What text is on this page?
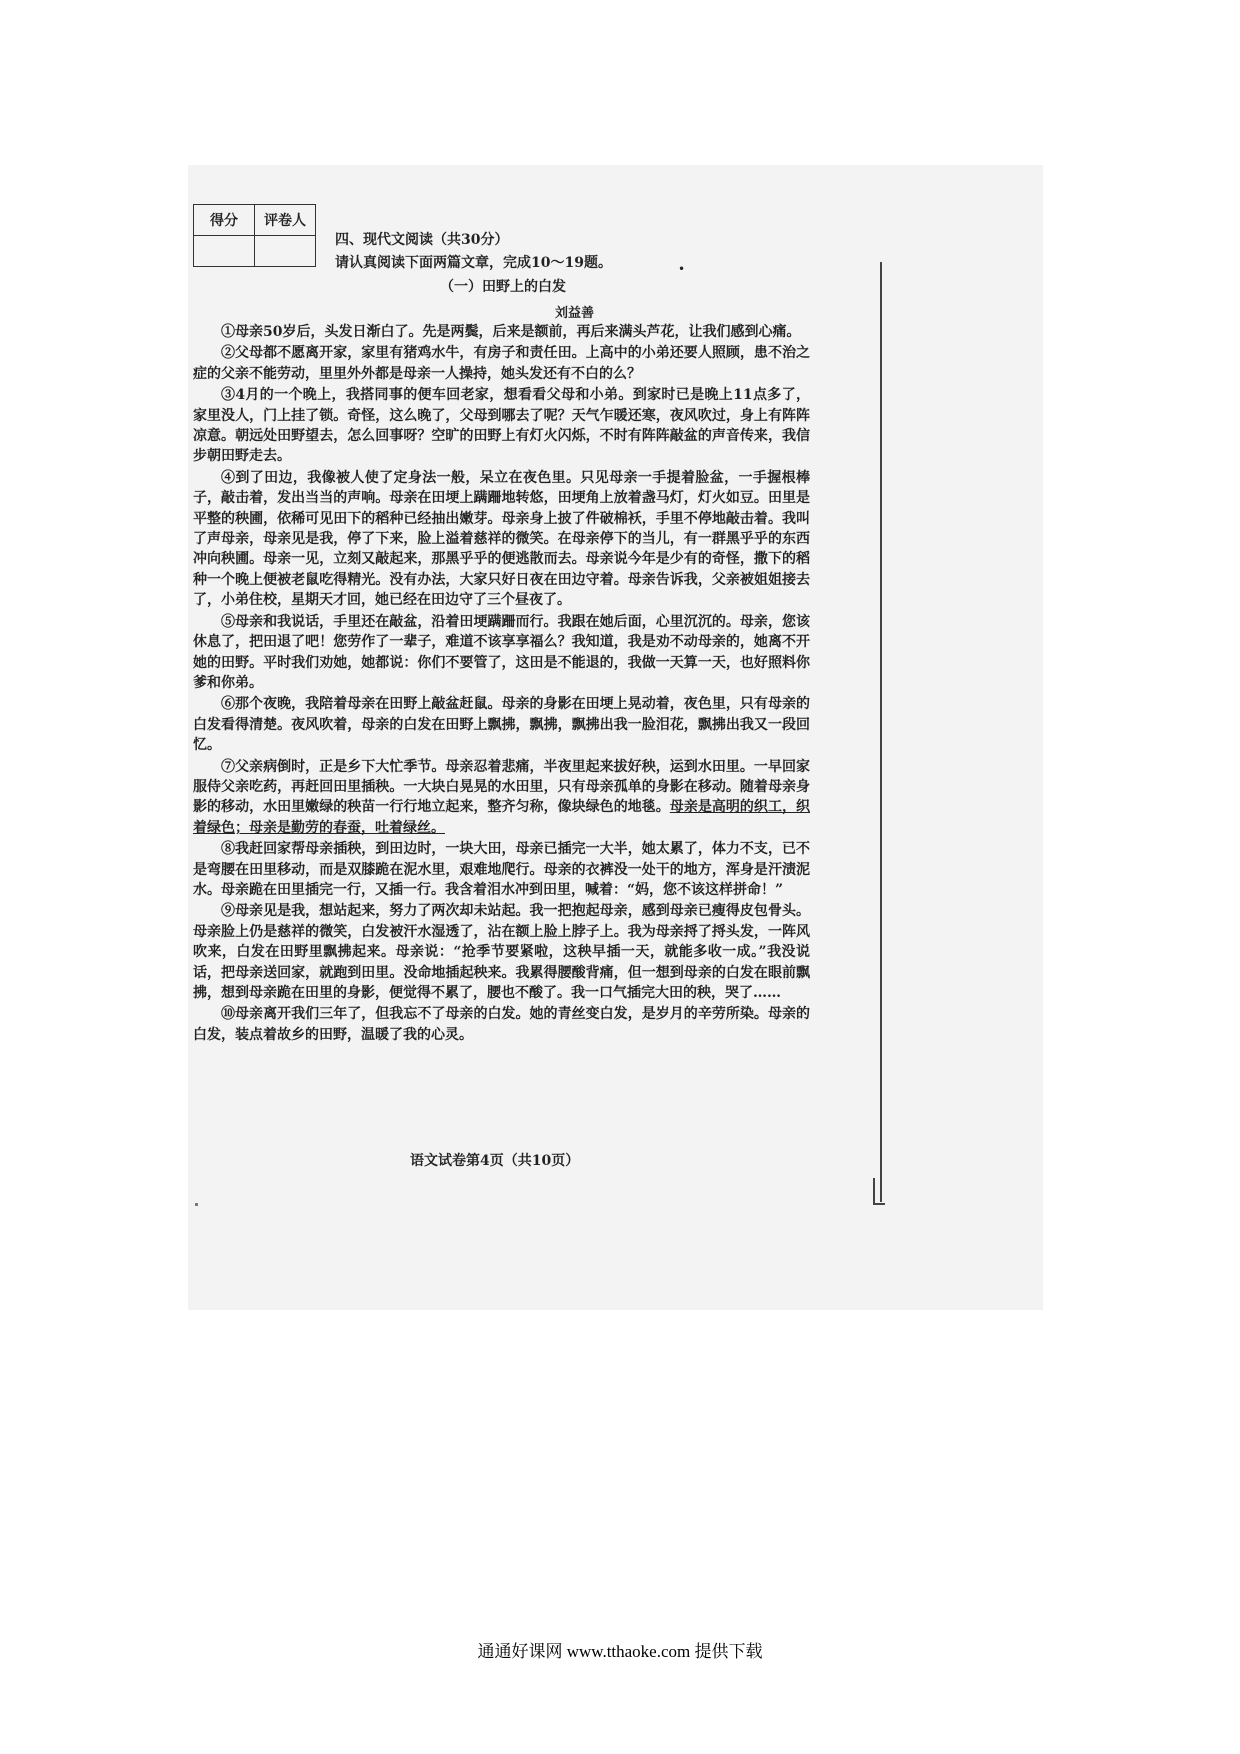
得分	评卷人

四、现代文阅读（共30分）
请认真阅读下面两篇文章，完成10～19题。	•
（一）田野上的白发
刘益善

①母亲50岁后，头发日渐白了。先是两鬓，后来是额前，再后来满头芦花，让我们感到心痛。

②父母都不愿离开家，家里有猪鸡水牛，有房子和责任田。上高中的小弟还要人照顾，患不治之症的父亲不能劳动，里里外外都是母亲一人操持，她头发还有不白的么？

③4月的一个晚上，我搭同事的便车回老家，想看看父母和小弟。到家时已是晚上11点多了，家里没人，门上挂了锁。奇怪，这么晚了，父母到哪去了呢？天气乍暖还寒，夜风吹过，身上有阵阵凉意。朝远处田野望去，怎么回事呀？空旷的田野上有灯火闪烁，不时有阵阵敲盆的声音传来，我信步朝田野走去。

④到了田边，我像被人使了定身法一般，呆立在夜色里。只见母亲一手提着脸盆，一手握根棒子，敲击着，发出当当的声响。母亲在田埂上蹒跚地转悠，田埂角上放着盏马灯，灯火如豆。田里是平整的秧圃，依稀可见田下的稻种已经抽出嫩芽。母亲身上披了件破棉袄，手里不停地敲击着。我叫了声母亲，母亲见是我，停了下来，脸上溢着慈祥的微笑。在母亲停下的当儿，有一群黑乎乎的东西冲向秧圃。母亲一见，立刻又敲起来，那黑乎乎的便逃散而去。母亲说今年是少有的奇怪，撒下的稻种一个晚上便被老鼠吃得精光。没有办法，大家只好日夜在田边守着。母亲告诉我，父亲被姐姐接去了，小弟住校，星期天才回，她已经在田边守了三个昼夜了。

⑤母亲和我说话，手里还在敲盆，沿着田埂蹒跚而行。我跟在她后面，心里沉沉的。母亲，您该休息了，把田退了吧！您劳作了一辈子，难道不该享享福么？我知道，我是劝不动母亲的，她离不开她的田野。平时我们劝她，她都说：你们不要管了，这田是不能退的，我做一天算一天，也好照料你爹和你弟。

⑥那个夜晚，我陪着母亲在田野上敲盆赶鼠。母亲的身影在田埂上晃动着，夜色里，只有母亲的白发看得清楚。夜风吹着，母亲的白发在田野上飘拂，飘拂，飘拂出我一脸泪花，飘拂出我又一段回忆。

⑦父亲病倒时，正是乡下大忙季节。母亲忍着悲痛，半夜里起来拔好秧，运到水田里。一早回家服侍父亲吃药，再赶回田里插秧。一大块白晃晃的水田里，只有母亲孤单的身影在移动。随着母亲身影的移动，水田里嫩绿的秧苗一行行地立起来，整齐匀称，像块绿色的地毯。母亲是高明的织工，织着绿色；母亲是勤劳的春蚕，吐着绿丝。

⑧我赶回家帮母亲插秧，到田边时，一块大田，母亲已插完一大半，她太累了，体力不支，已不是弯腰在田里移动，而是双膝跪在泥水里，艰难地爬行。母亲的衣裤没一处干的地方，浑身是汗渍泥水。母亲跪在田里插完一行，又插一行。我含着泪水冲到田里，喊着：“妈，您不该这样拼命！”

⑨母亲见是我，想站起来，努力了两次却未站起。我一把抱起母亲，感到母亲已瘦得皮包骨头。母亲脸上仍是慈祥的微笑，白发被汗水湿透了，沾在额上脸上脖子上。我为母亲捋了捋头发，一阵风吹来，白发在田野里飘拂起来。母亲说：“抢季节要紧啦，这秧早插一天，就能多收一成。”我没说话，把母亲送回家，就跑到田里。没命地插起秧来。我累得腰酸背痛，但一想到母亲的白发在眼前飘拂，想到母亲跪在田里的身影，便觉得不累了，腰也不酸了。我一口气插完大田的秧，哭了……

⑩母亲离开我们三年了，但我忘不了母亲的白发。她的青丝变白发，是岁月的辛劳所染。母亲的白发，装点着故乡的田野，温暖了我的心灵。

语文试卷第4页（共10页）
通通好课网 www.tthaoke.com 提供下载
